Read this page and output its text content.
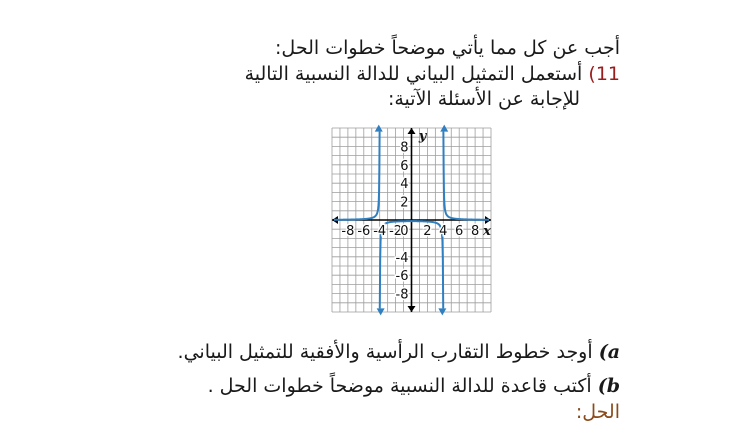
أجب عن كل مما يأتي موضحاً خطوات الحل:
11) أستعمل التمثيل البياني للدالة النسبية التالية
للإجابة عن الأسئلة الآتية:
-8 -6 -4 -2 2 4 6 8
8
6
4
2
0
-4
-6
-8
x
y
a) أوجد خطوط التقارب الرأسية والأفقية للتمثيل البياني.
b) أكتب قاعدة للدالة النسبية موضحاً خطوات الحل .
الحل:
